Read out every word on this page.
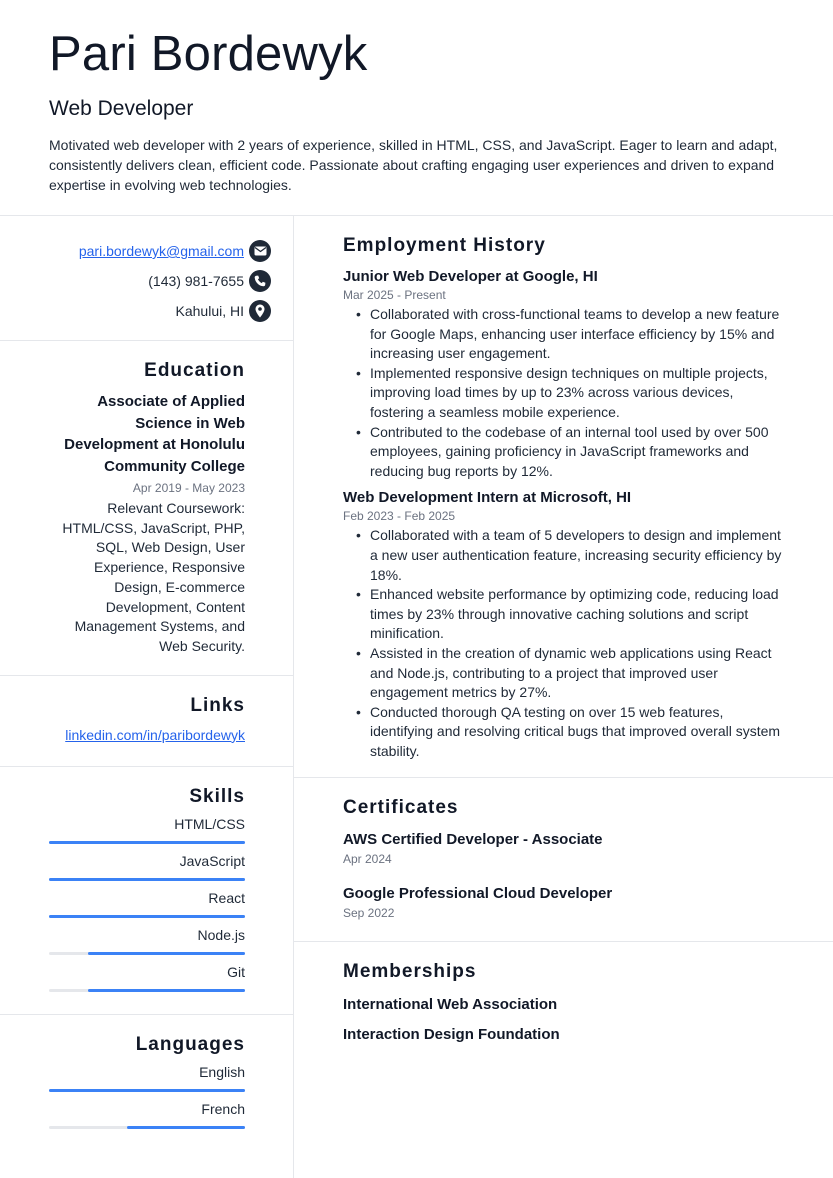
Pari Bordewyk
Web Developer
Motivated web developer with 2 years of experience, skilled in HTML, CSS, and JavaScript. Eager to learn and adapt, consistently delivers clean, efficient code. Passionate about crafting engaging user experiences and driven to expand expertise in evolving web technologies.
pari.bordewyk@gmail.com
(143) 981-7655
Kahului, HI
Education
Associate of Applied Science in Web Development at Honolulu Community College
Apr 2019 - May 2023
Relevant Coursework: HTML/CSS, JavaScript, PHP, SQL, Web Design, User Experience, Responsive Design, E-commerce Development, Content Management Systems, and Web Security.
Links
linkedin.com/in/paribordewyk
Skills
HTML/CSS
JavaScript
React
Node.js
Git
Languages
English
French
Employment History
Junior Web Developer at Google, HI
Mar 2025 - Present
• Collaborated with cross-functional teams to develop a new feature for Google Maps, enhancing user interface efficiency by 15% and increasing user engagement.
• Implemented responsive design techniques on multiple projects, improving load times by up to 23% across various devices, fostering a seamless mobile experience.
• Contributed to the codebase of an internal tool used by over 500 employees, gaining proficiency in JavaScript frameworks and reducing bug reports by 12%.
Web Development Intern at Microsoft, HI
Feb 2023 - Feb 2025
• Collaborated with a team of 5 developers to design and implement a new user authentication feature, increasing security efficiency by 18%.
• Enhanced website performance by optimizing code, reducing load times by 23% through innovative caching solutions and script minification.
• Assisted in the creation of dynamic web applications using React and Node.js, contributing to a project that improved user engagement metrics by 27%.
• Conducted thorough QA testing on over 15 web features, identifying and resolving critical bugs that improved overall system stability.
Certificates
AWS Certified Developer - Associate
Apr 2024
Google Professional Cloud Developer
Sep 2022
Memberships
International Web Association
Interaction Design Foundation
